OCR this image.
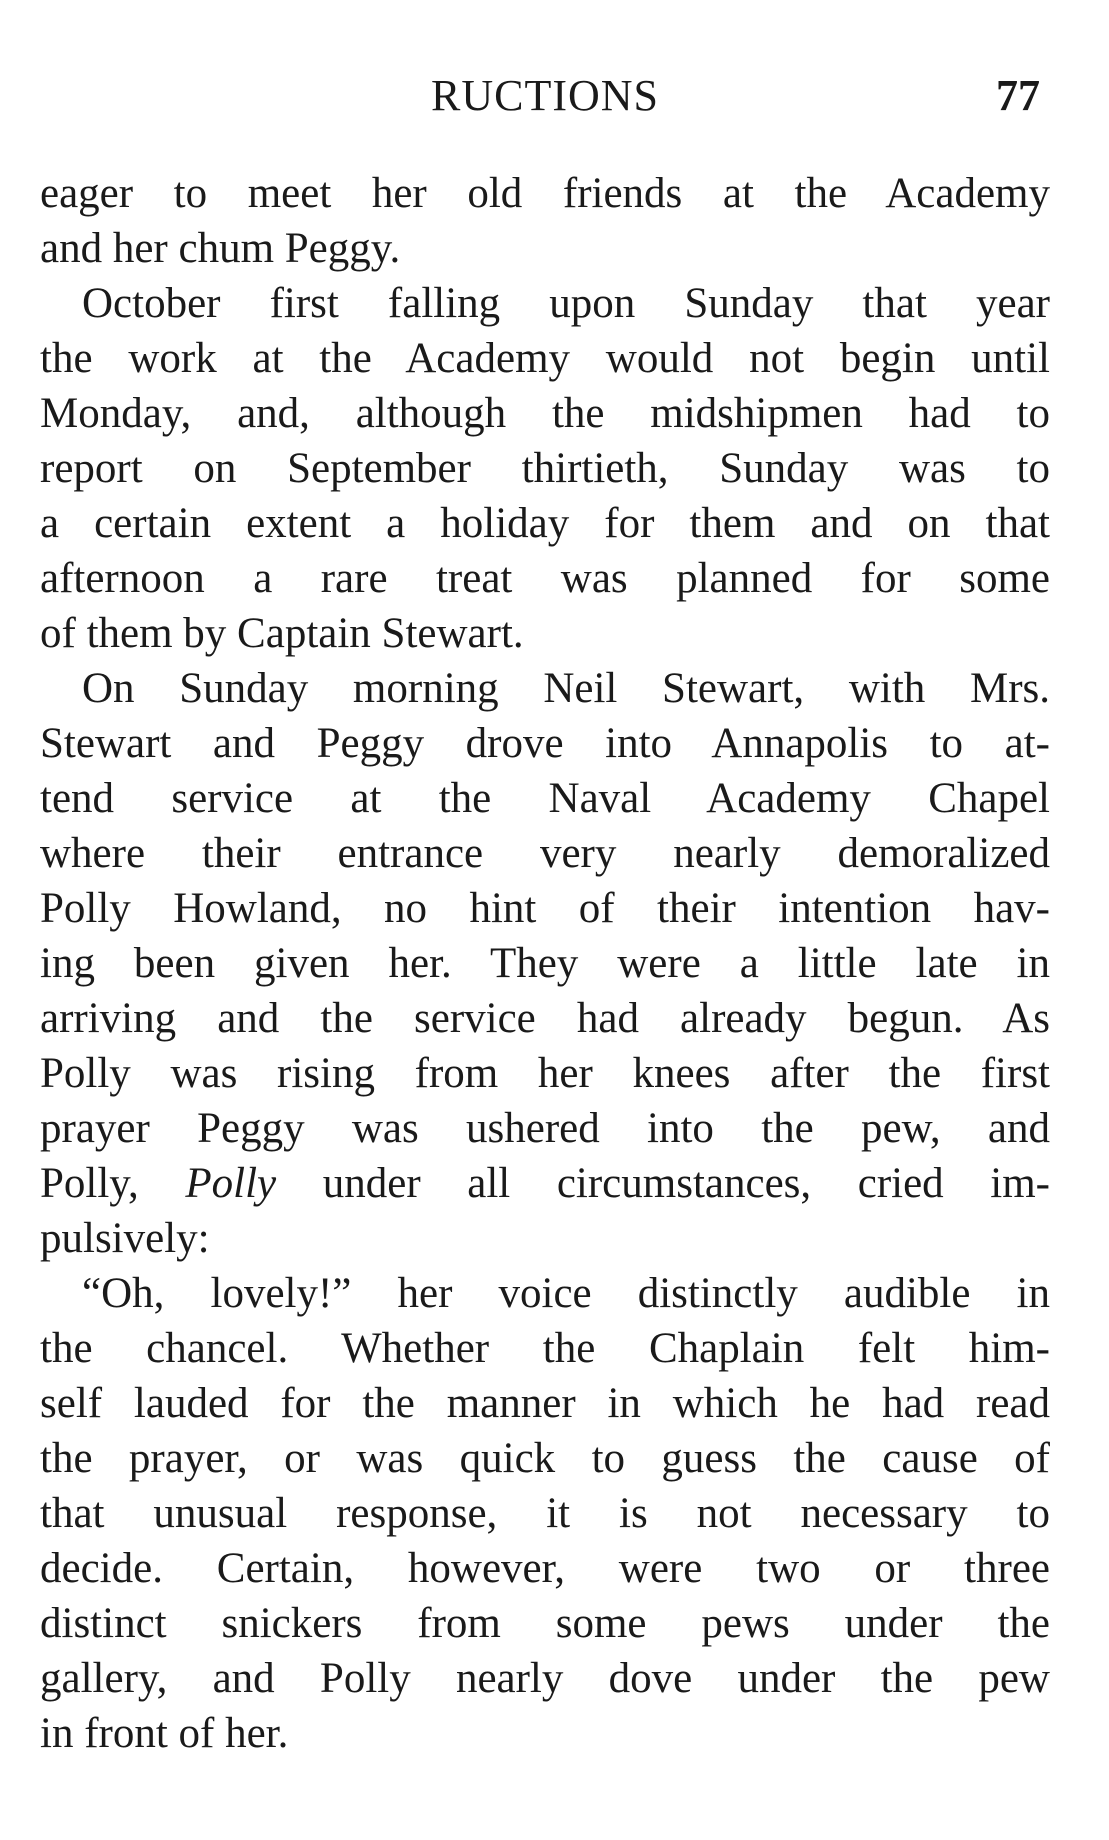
RUCTIONS	77
eager to meet her old friends at the Academy
and her chum Peggy.
October first falling upon Sunday that year
the work at the Academy would not begin until
Monday, and, although the midshipmen had to
report on September thirtieth, Sunday was to
a certain extent a holiday for them and on that
afternoon a rare treat was planned for some
of them by Captain Stewart.
On Sunday morning Neil Stewart, with Mrs.
Stewart and Peggy drove into Annapolis to at-
tend service at the Naval Academy Chapel
where their entrance very nearly demoralized
Polly Howland, no hint of their intention hav-
ing been given her. They were a little late in
arriving and the service had already begun. As
Polly was rising from her knees after the first
prayer Peggy was ushered into the pew, and
Polly, Polly under all circumstances, cried im-
pulsively:
“Oh, lovely!” her voice distinctly audible in
the chancel. Whether the Chaplain felt him-
self lauded for the manner in which he had read
the prayer, or was quick to guess the cause of
that unusual response, it is not necessary to
decide. Certain, however, were two or three
distinct snickers from some pews under the
gallery, and Polly nearly dove under the pew
in front of her.
